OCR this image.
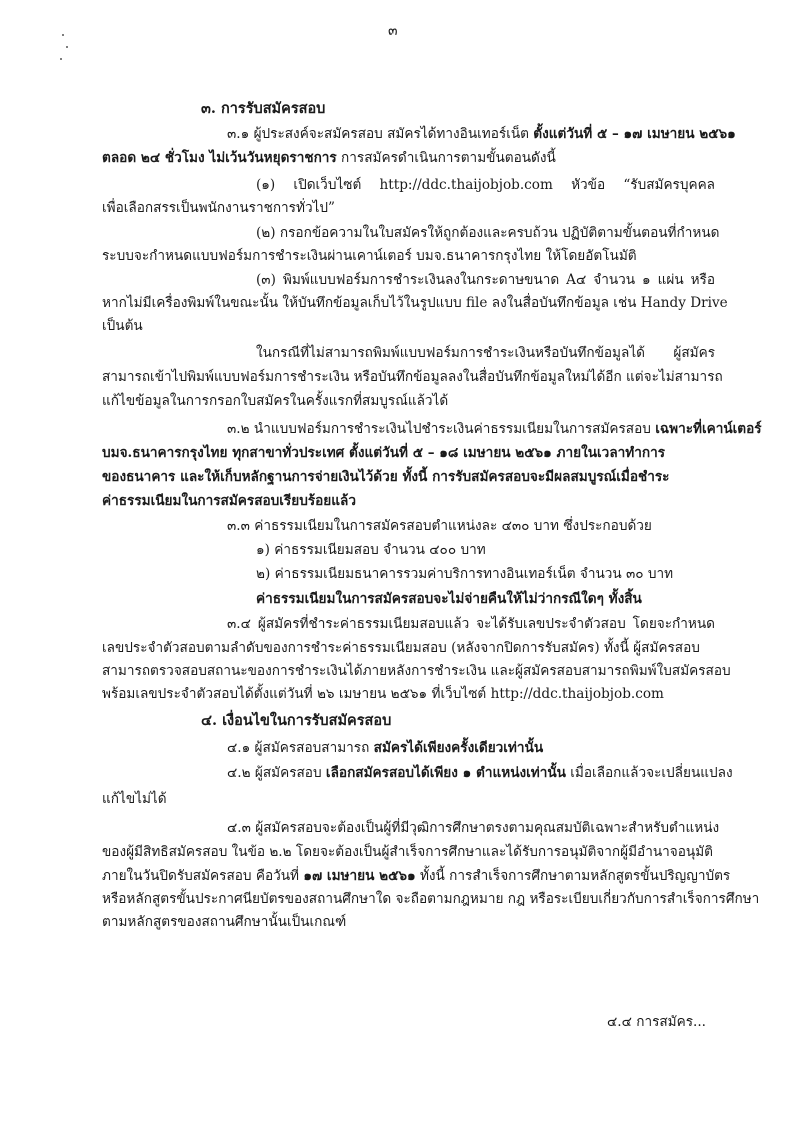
๓
๓. การรับสมัครสอบ
๓.๑ ผู้ประสงค์จะสมัครสอบ สมัครได้ทางอินเทอร์เน็ต ตั้งแต่วันที่ ๕ – ๑๗ เมษายน ๒๕๖๑
ตลอด ๒๔ ชั่วโมง ไม่เว้นวันหยุดราชการ การสมัครดำเนินการตามขั้นตอนดังนี้
(๑) เปิดเว็บไซต์ http://ddc.thaijobjob.com หัวข้อ “รับสมัครบุคคล
เพื่อเลือกสรรเป็นพนักงานราชการทั่วไป”
(๒) กรอกข้อความในใบสมัครให้ถูกต้องและครบถ้วน ปฏิบัติตามขั้นตอนที่กำหนด
ระบบจะกำหนดแบบฟอร์มการชำระเงินผ่านเคาน์เตอร์ บมจ.ธนาคารกรุงไทย ให้โดยอัตโนมัติ
(๓) พิมพ์แบบฟอร์มการชำระเงินลงในกระดาษขนาด A๔ จำนวน ๑ แผ่น หรือ
หากไม่มีเครื่องพิมพ์ในขณะนั้น ให้บันทึกข้อมูลเก็บไว้ในรูปแบบ file ลงในสื่อบันทึกข้อมูล เช่น Handy Drive
เป็นต้น
ในกรณีที่ไม่สามารถพิมพ์แบบฟอร์มการชำระเงินหรือบันทึกข้อมูลได้ ผู้สมัคร
สามารถเข้าไปพิมพ์แบบฟอร์มการชำระเงิน หรือบันทึกข้อมูลลงในสื่อบันทึกข้อมูลใหม่ได้อีก แต่จะไม่สามารถ
แก้ไขข้อมูลในการกรอกใบสมัครในครั้งแรกที่สมบูรณ์แล้วได้
๓.๒ นำแบบฟอร์มการชำระเงินไปชำระเงินค่าธรรมเนียมในการสมัครสอบ เฉพาะที่เคาน์เตอร์
บมจ.ธนาคารกรุงไทย ทุกสาขาทั่วประเทศ ตั้งแต่วันที่ ๕ – ๑๘ เมษายน ๒๕๖๑ ภายในเวลาทำการ
ของธนาคาร และให้เก็บหลักฐานการจ่ายเงินไว้ด้วย ทั้งนี้ การรับสมัครสอบจะมีผลสมบูรณ์เมื่อชำระ
ค่าธรรมเนียมในการสมัครสอบเรียบร้อยแล้ว
๓.๓ ค่าธรรมเนียมในการสมัครสอบตำแหน่งละ ๔๓๐ บาท ซึ่งประกอบด้วย
๑) ค่าธรรมเนียมสอบ จำนวน ๔๐๐ บาท
๒) ค่าธรรมเนียมธนาคารรวมค่าบริการทางอินเทอร์เน็ต จำนวน ๓๐ บาท
ค่าธรรมเนียมในการสมัครสอบจะไม่จ่ายคืนให้ไม่ว่ากรณีใดๆ ทั้งสิ้น
๓.๔ ผู้สมัครที่ชำระค่าธรรมเนียมสอบแล้ว จะได้รับเลขประจำตัวสอบ โดยจะกำหนด
เลขประจำตัวสอบตามลำดับของการชำระค่าธรรมเนียมสอบ (หลังจากปิดการรับสมัคร) ทั้งนี้ ผู้สมัครสอบ
สามารถตรวจสอบสถานะของการชำระเงินได้ภายหลังการชำระเงิน และผู้สมัครสอบสามารถพิมพ์ใบสมัครสอบ
พร้อมเลขประจำตัวสอบได้ตั้งแต่วันที่ ๒๖ เมษายน ๒๕๖๑ ที่เว็บไซต์ http://ddc.thaijobjob.com
๔. เงื่อนไขในการรับสมัครสอบ
๔.๑ ผู้สมัครสอบสามารถ สมัครได้เพียงครั้งเดียวเท่านั้น
๔.๒ ผู้สมัครสอบ เลือกสมัครสอบได้เพียง ๑ ตำแหน่งเท่านั้น เมื่อเลือกแล้วจะเปลี่ยนแปลง
แก้ไขไม่ได้
๔.๓ ผู้สมัครสอบจะต้องเป็นผู้ที่มีวุฒิการศึกษาตรงตามคุณสมบัติเฉพาะสำหรับตำแหน่ง
ของผู้มีสิทธิสมัครสอบ ในข้อ ๒.๒ โดยจะต้องเป็นผู้สำเร็จการศึกษาและได้รับการอนุมัติจากผู้มีอำนาจอนุมัติ
ภายในวันปิดรับสมัครสอบ คือวันที่ ๑๗ เมษายน ๒๕๖๑ ทั้งนี้ การสำเร็จการศึกษาตามหลักสูตรขั้นปริญญาบัตร
หรือหลักสูตรขั้นประกาศนียบัตรของสถานศึกษาใด จะถือตามกฎหมาย กฎ หรือระเบียบเกี่ยวกับการสำเร็จการศึกษา
ตามหลักสูตรของสถานศึกษานั้นเป็นเกณฑ์
๔.๔ การสมัคร...
